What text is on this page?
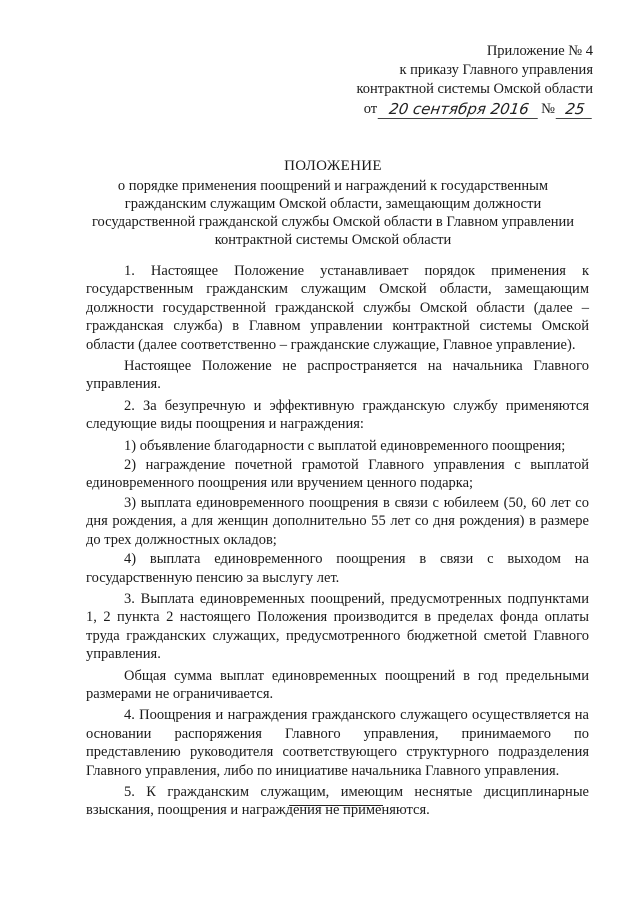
Приложение № 4
к приказу Главного управления
контрактной системы Омской области
от 20 сентября 2016 № 25
ПОЛОЖЕНИЕ
о порядке применения поощрений и награждений к государственным гражданским служащим Омской области, замещающим должности государственной гражданской службы Омской области в Главном управлении контрактной системы Омской области

1. Настоящее Положение устанавливает порядок применения к государственным гражданским служащим Омской области, замещающим должности государственной гражданской службы Омской области (далее – гражданская служба) в Главном управлении контрактной системы Омской области (далее соответственно – гражданские служащие, Главное управление).

Настоящее Положение не распространяется на начальника Главного управления.

2. За безупречную и эффективную гражданскую службу применяются следующие виды поощрения и награждения:

1) объявление благодарности с выплатой единовременного поощрения;

2) награждение почетной грамотой Главного управления с выплатой единовременного поощрения или вручением ценного подарка;

3) выплата единовременного поощрения в связи с юбилеем (50, 60 лет со дня рождения, а для женщин дополнительно 55 лет со дня рождения) в размере до трех должностных окладов;

4) выплата единовременного поощрения в связи с выходом на государственную пенсию за выслугу лет.

3. Выплата единовременных поощрений, предусмотренных подпунктами 1, 2 пункта 2 настоящего Положения производится в пределах фонда оплаты труда гражданских служащих, предусмотренного бюджетной сметой Главного управления.

Общая сумма выплат единовременных поощрений в год предельными размерами не ограничивается.

4. Поощрения и награждения гражданского служащего осуществляется на основании распоряжения Главного управления, принимаемого по представлению руководителя соответствующего структурного подразделения Главного управления, либо по инициативе начальника Главного управления.

5. К гражданским служащим, имеющим неснятые дисциплинарные взыскания, поощрения и награждения не применяются.
